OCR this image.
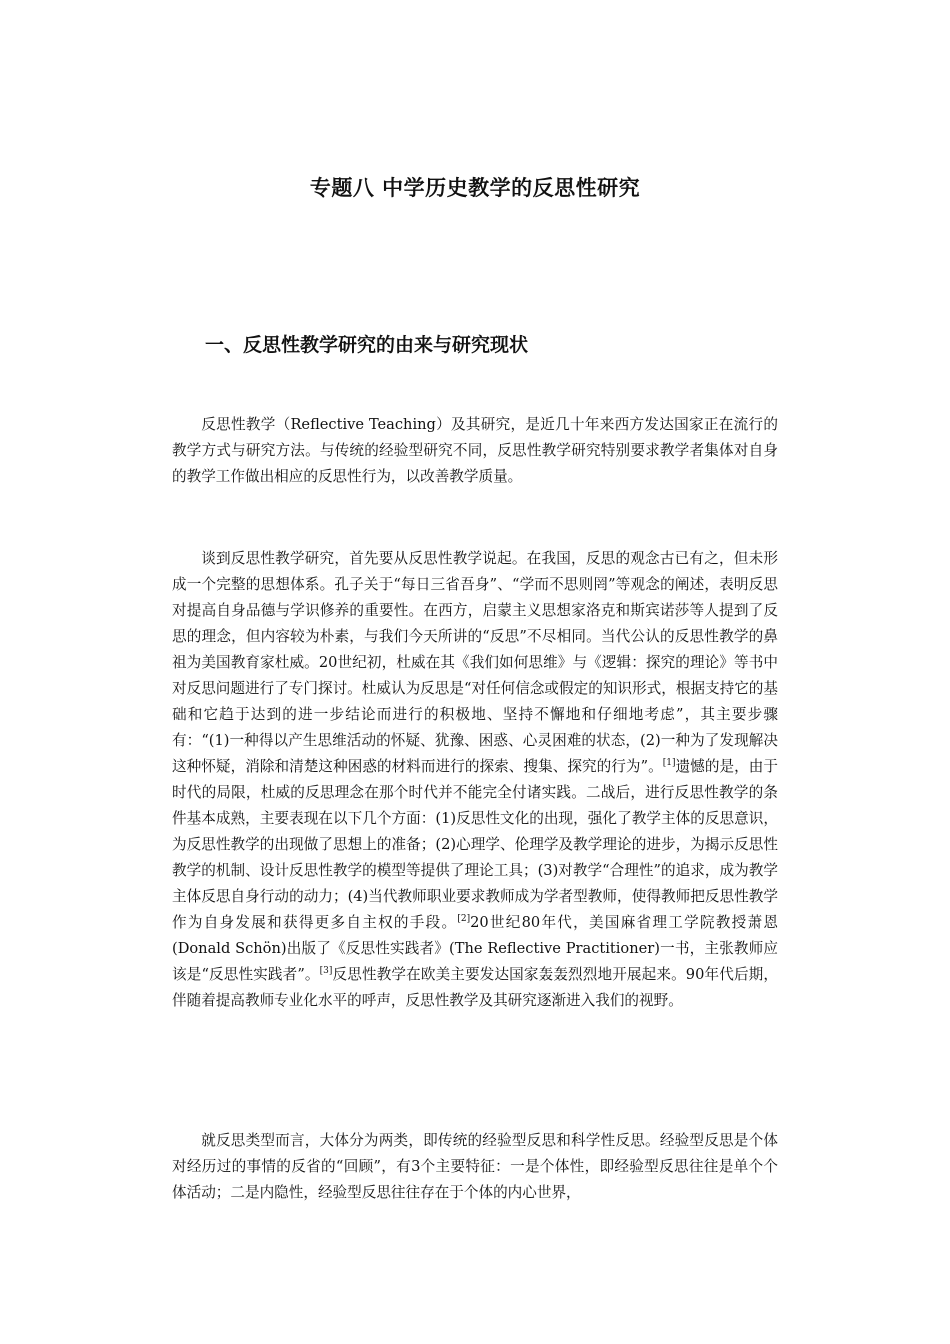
专题八 中学历史教学的反思性研究
一、反思性教学研究的由来与研究现状

反思性教学（Reflective Teaching）及其研究，是近几十年来西方发达国家正在流行的教学方式与研究方法。与传统的经验型研究不同，反思性教学研究特别要求教学者集体对自身的教学工作做出相应的反思性行为，以改善教学质量。

谈到反思性教学研究，首先要从反思性教学说起。在我国，反思的观念古已有之，但未形成一个完整的思想体系。孔子关于“每日三省吾身”、“学而不思则罔”等观念的阐述，表明反思对提高自身品德与学识修养的重要性。在西方，启蒙主义思想家洛克和斯宾诺莎等人提到了反思的理念，但内容较为朴素，与我们今天所讲的“反思”不尽相同。当代公认的反思性教学的鼻祖为美国教育家杜威。20世纪初，杜威在其《我们如何思维》与《逻辑：探究的理论》等书中对反思问题进行了专门探讨。杜威认为反思是“对任何信念或假定的知识形式，根据支持它的基础和它趋于达到的进一步结论而进行的积极地、坚持不懈地和仔细地考虑”，其主要步骤有：“(1)一种得以产生思维活动的怀疑、犹豫、困惑、心灵困难的状态，(2)一种为了发现解决这种怀疑，消除和清楚这种困惑的材料而进行的探索、搜集、探究的行为”。[1]遗憾的是，由于时代的局限，杜威的反思理念在那个时代并不能完全付诸实践。二战后，进行反思性教学的条件基本成熟，主要表现在以下几个方面：(1)反思性文化的出现，强化了教学主体的反思意识，为反思性教学的出现做了思想上的准备；(2)心理学、伦理学及教学理论的进步，为揭示反思性教学的机制、设计反思性教学的模型等提供了理论工具；(3)对教学“合理性”的追求，成为教学主体反思自身行动的动力；(4)当代教师职业要求教师成为学者型教师，使得教师把反思性教学作为自身发展和获得更多自主权的手段。[2]20世纪80年代，美国麻省理工学院教授萧恩(Donald Schön)出版了《反思性实践者》(The Reflective Practitioner)一书，主张教师应该是“反思性实践者”。[3]反思性教学在欧美主要发达国家轰轰烈烈地开展起来。90年代后期，伴随着提高教师专业化水平的呼声，反思性教学及其研究逐渐进入我们的视野。

就反思类型而言，大体分为两类，即传统的经验型反思和科学性反思。经验型反思是个体对经历过的事情的反省的“回顾”，有3个主要特征：一是个体性，即经验型反思往往是单个个体活动；二是内隐性，经验型反思往往存在于个体的内心世界，
